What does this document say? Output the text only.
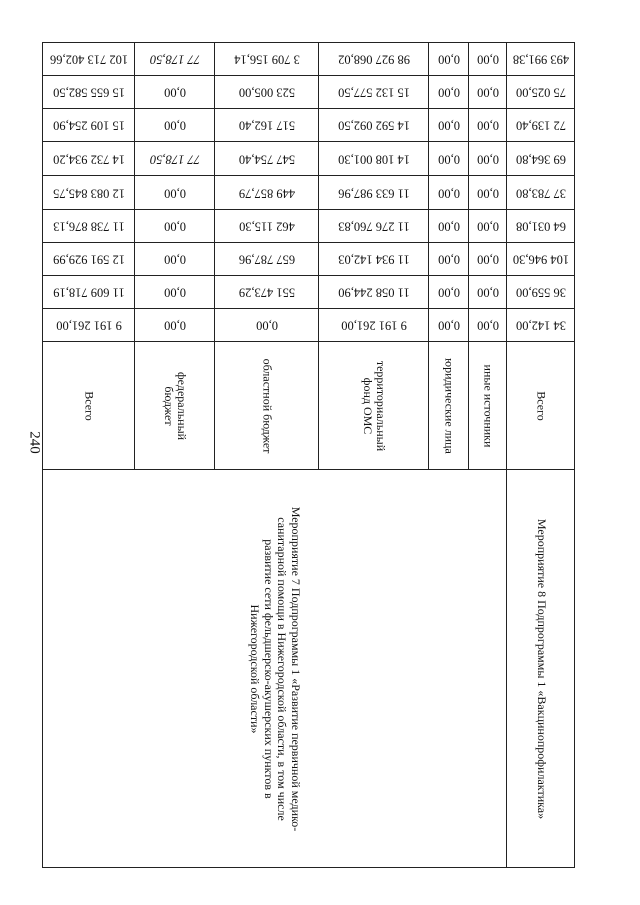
240
102 713 402,66	77 178,50	3 709 156,14	98 927 068,02	0,00	0,00	493 991,38

15 655 582,50	0,00	523 005,00	15 132 577,50	0,00	0,00	75 025,00

15 109 254,90	0,00	517 162,40	14 592 092,50	0,00	0,00	72 139,40

14 732 934,20	77 178,50	547 754,40	14 108 001,30	0,00	0,00	69 364,80

12 083 845,75	0,00	449 857,79	11 633 987,96	0,00	0,00	37 783,80

11 738 876,13	0,00	462 115,30	11 276 760,83	0,00	0,00	64 031,08

12 591 929,99	0,00	657 787,96	11 934 142,03	0,00	0,00	104 946,30

11 609 718,19	0,00	551 473,29	11 058 244,90	0,00	0,00	36 559,00

9 191 261,00	0,00	0,00	9 191 261,00	0,00	0,00	34 142,00

Всего	федеральный бюджет	областной бюджет	территориальный фонд ОМС	юридические лица	иные источники	Всего

Мероприятие 7 Подпрограммы 1 «Развитие первичной медико-санитарной помощи в Нижегородской области, в том числе развитие сети фельдшерско-акушерских пунктов в Нижегородской области»						Мероприятие 8 Подпрограммы 1 «Вакцинопрофилактика»
